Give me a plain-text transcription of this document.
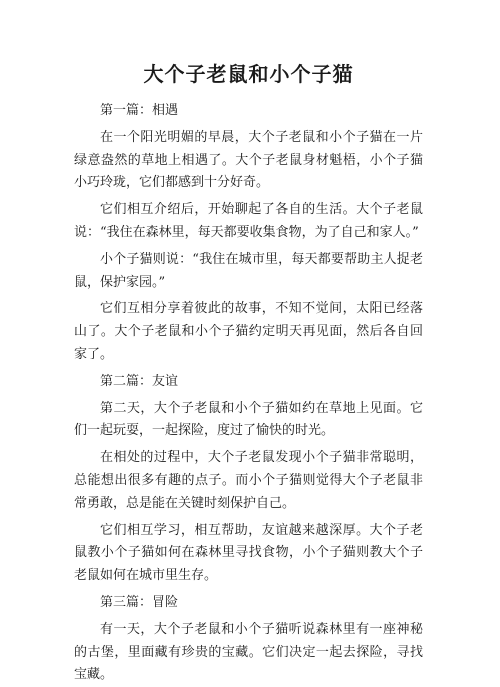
大个子老鼠和小个子猫

第一篇：相遇

在一个阳光明媚的早晨，大个子老鼠和小个子猫在一片绿意盎然的草地上相遇了。大个子老鼠身材魁梧，小个子猫小巧玲珑，它们都感到十分好奇。

它们相互介绍后，开始聊起了各自的生活。大个子老鼠说：“我住在森林里，每天都要收集食物，为了自己和家人。”

小个子猫则说：“我住在城市里，每天都要帮助主人捉老鼠，保护家园。”

它们互相分享着彼此的故事，不知不觉间，太阳已经落山了。大个子老鼠和小个子猫约定明天再见面，然后各自回家了。

第二篇：友谊

第二天，大个子老鼠和小个子猫如约在草地上见面。它们一起玩耍，一起探险，度过了愉快的时光。

在相处的过程中，大个子老鼠发现小个子猫非常聪明，总能想出很多有趣的点子。而小个子猫则觉得大个子老鼠非常勇敢，总是能在关键时刻保护自己。

它们相互学习，相互帮助，友谊越来越深厚。大个子老鼠教小个子猫如何在森林里寻找食物，小个子猫则教大个子老鼠如何在城市里生存。

第三篇：冒险

有一天，大个子老鼠和小个子猫听说森林里有一座神秘的古堡，里面藏有珍贵的宝藏。它们决定一起去探险，寻找宝藏。
